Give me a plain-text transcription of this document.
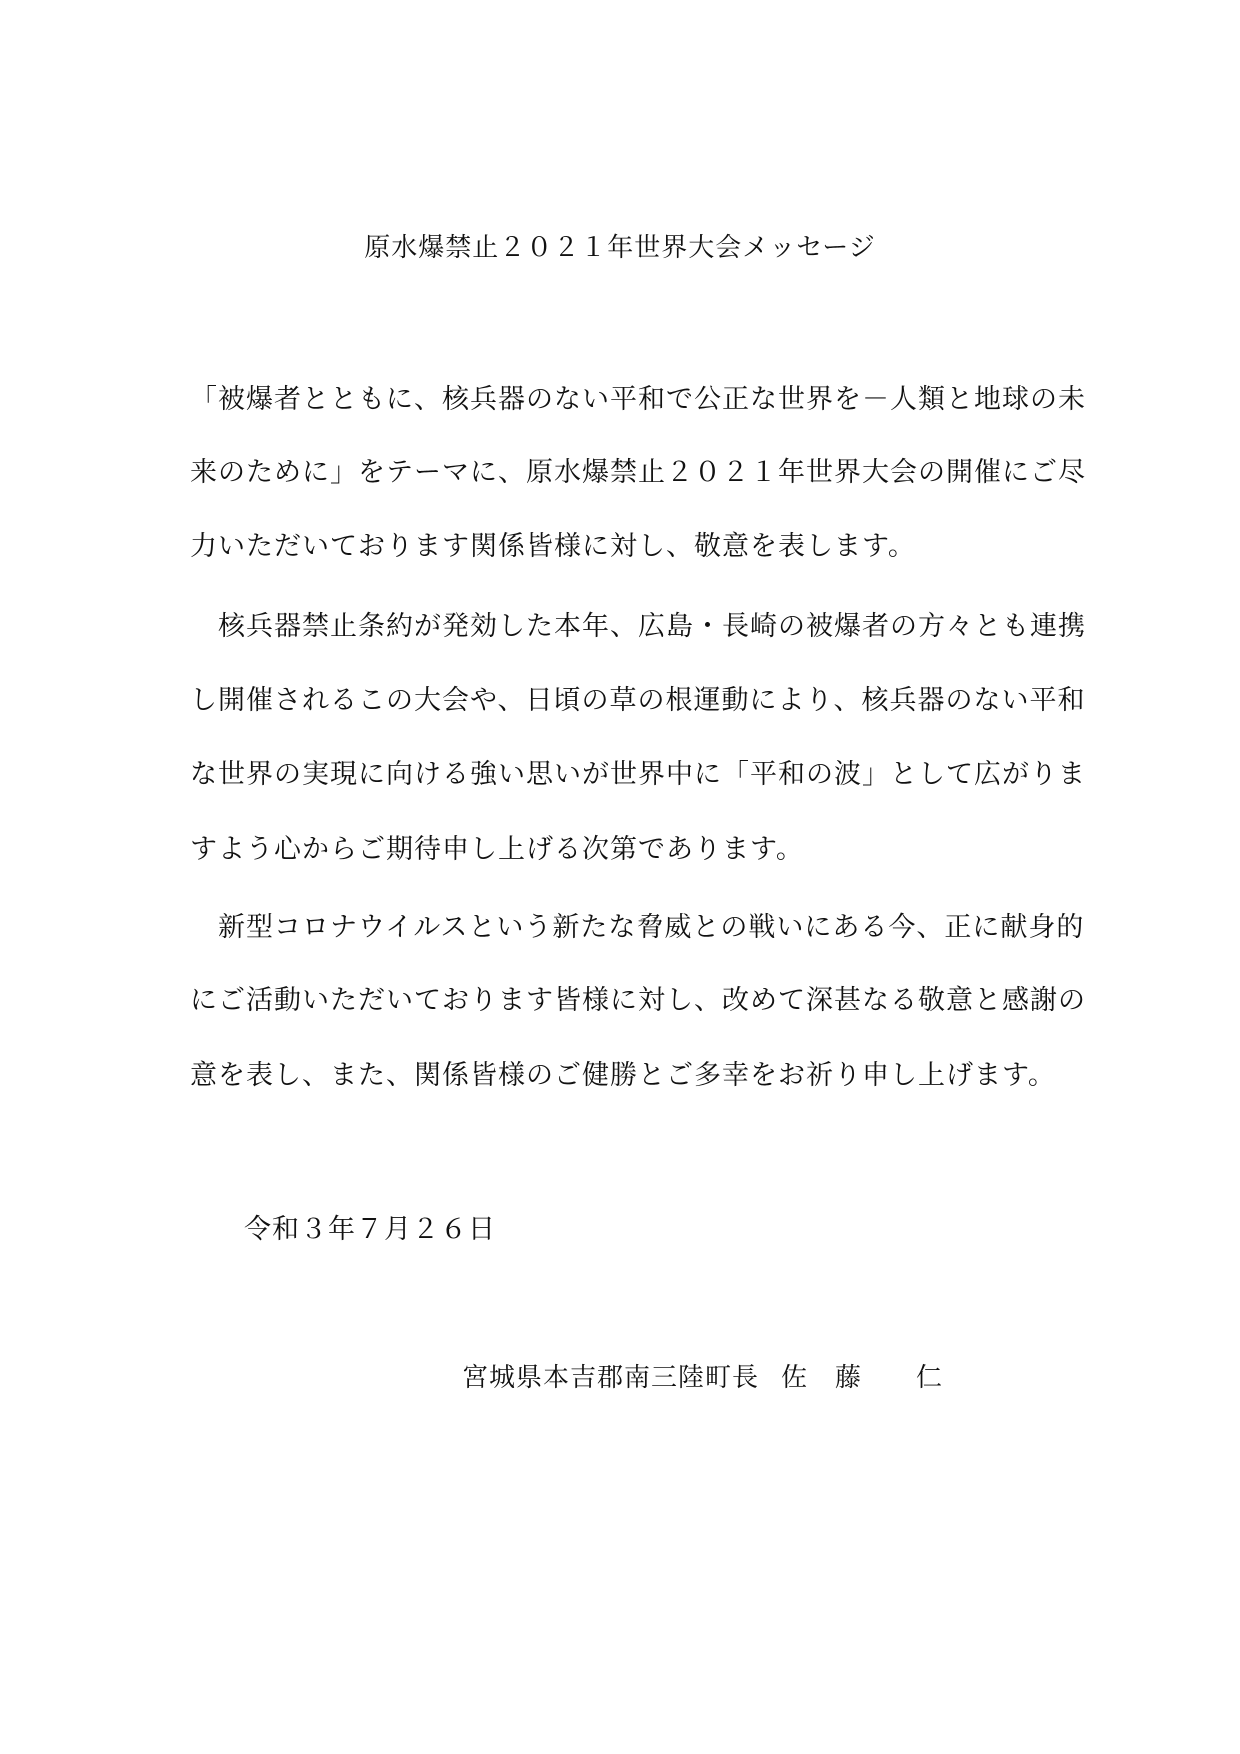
原水爆禁止２０２１年世界大会メッセージ
「被爆者とともに、核兵器のない平和で公正な世界を－人類と地球の未
来のために」をテーマに、原水爆禁止２０２１年世界大会の開催にご尽
力いただいております関係皆様に対し、敬意を表します。
　核兵器禁止条約が発効した本年、広島・長崎の被爆者の方々とも連携
し開催されるこの大会や、日頃の草の根運動により、核兵器のない平和
な世界の実現に向ける強い思いが世界中に「平和の波」として広がりま
すよう心からご期待申し上げる次第であります。
　新型コロナウイルスという新たな脅威との戦いにある今、正に献身的
にご活動いただいております皆様に対し、改めて深甚なる敬意と感謝の
意を表し、また、関係皆様のご健勝とご多幸をお祈り申し上げます。
令和３年７月２６日
宮城県本吉郡南三陸町長 佐　藤　　仁
